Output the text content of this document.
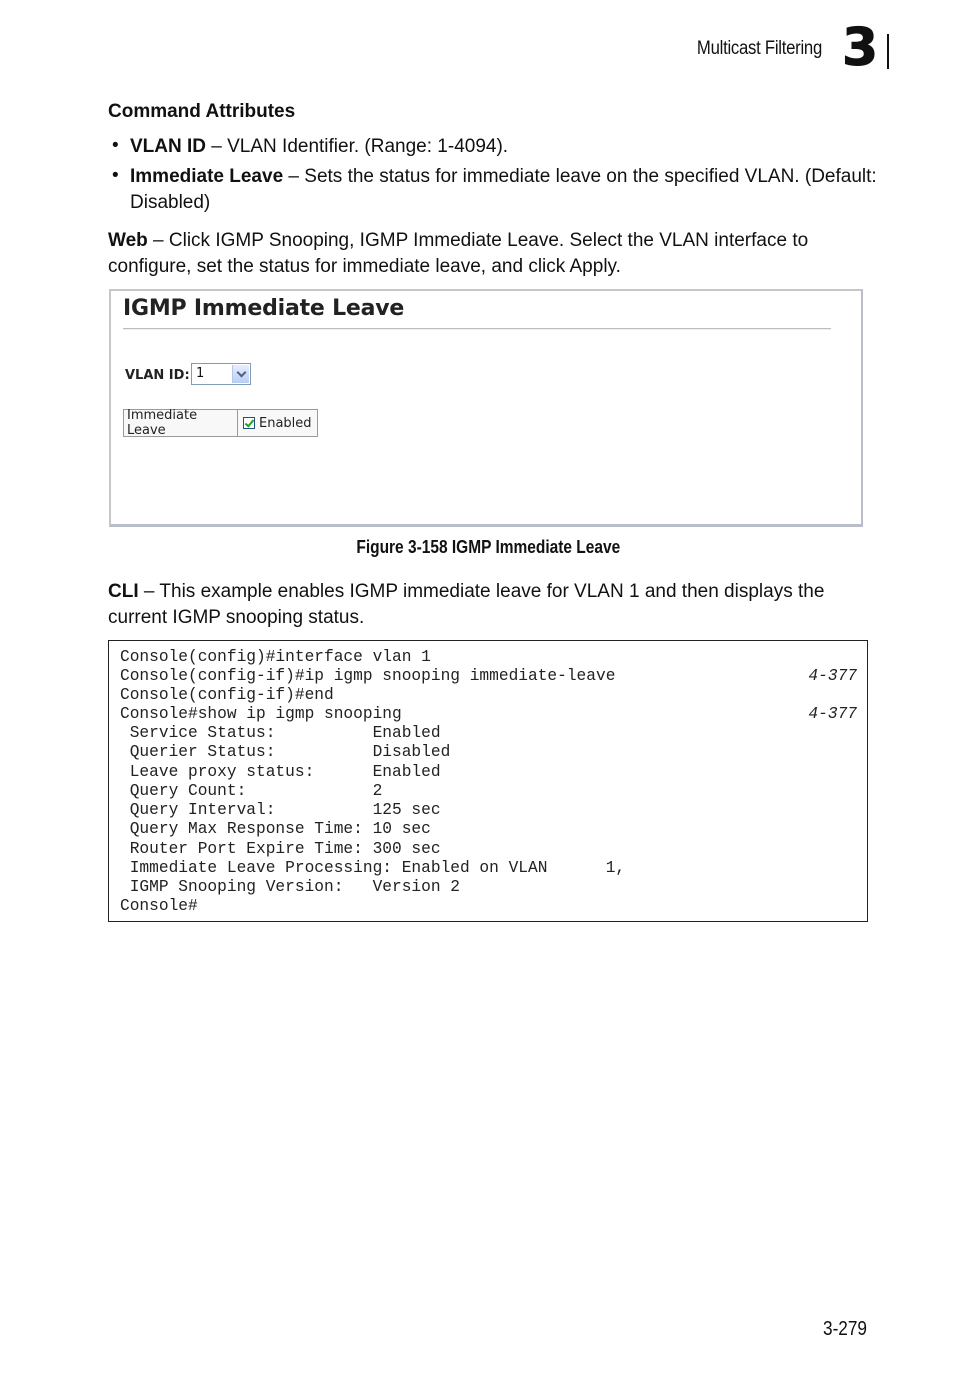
Multicast Filtering 3
Command Attributes
• VLAN ID – VLAN Identifier. (Range: 1-4094).
• Immediate Leave – Sets the status for immediate leave on the specified VLAN. (Default: Disabled)
Web – Click IGMP Snooping, IGMP Immediate Leave. Select the VLAN interface to configure, set the status for immediate leave, and click Apply.
IGMP Immediate Leave
VLAN ID: 1
Immediate Leave	Enabled
Figure 3-158 IGMP Immediate Leave
CLI – This example enables IGMP immediate leave for VLAN 1 and then displays the current IGMP snooping status.
Console(config)#interface vlan 1
Console(config-if)#ip igmp snooping immediate-leave	4-377
Console(config-if)#end
Console#show ip igmp snooping	4-377
Service Status:          Enabled
Querier Status:          Disabled
Leave proxy status:      Enabled
Query Count:             2
Query Interval:          125 sec
Query Max Response Time: 10 sec
Router Port Expire Time: 300 sec
Immediate Leave Processing: Enabled on VLAN      1,
IGMP Snooping Version:   Version 2
Console#
3-279
